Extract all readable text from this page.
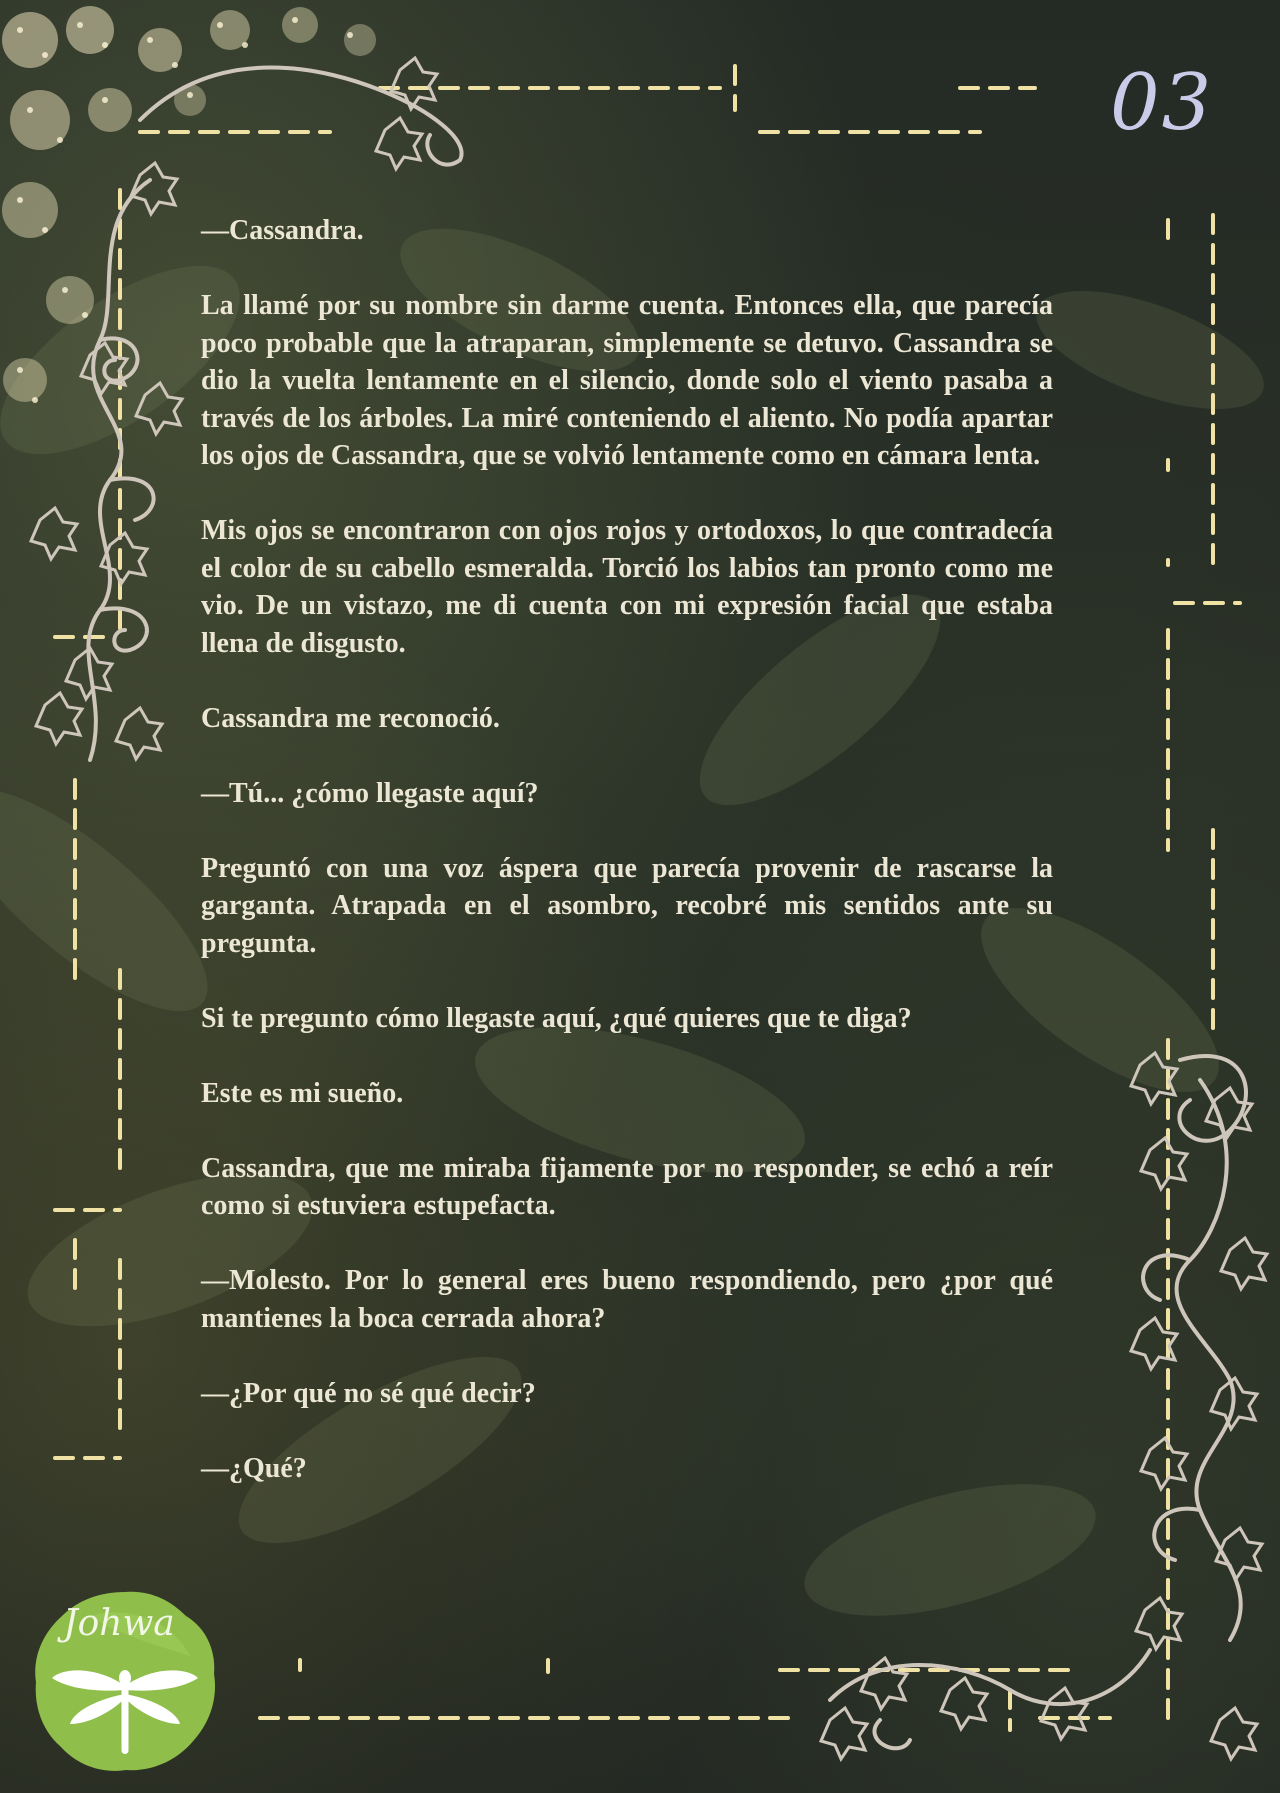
03

—Cassandra.

La llamé por su nombre sin darme cuenta. Entonces ella, que parecía poco probable que la atraparan, simplemente se detuvo. Cassandra se dio la vuelta lentamente en el silencio, donde solo el viento pasaba a través de los árboles. La miré conteniendo el aliento. No podía apartar los ojos de Cassandra, que se volvió lentamente como en cámara lenta.

Mis ojos se encontraron con ojos rojos y ortodoxos, lo que contradecía el color de su cabello esmeralda. Torció los labios tan pronto como me vio. De un vistazo, me di cuenta con mi expresión facial que estaba llena de disgusto.

Cassandra me reconoció.

—Tú... ¿cómo llegaste aquí?

Preguntó con una voz áspera que parecía provenir de rascarse la garganta. Atrapada en el asombro, recobré mis sentidos ante su pregunta.

Si te pregunto cómo llegaste aquí, ¿qué quieres que te diga?

Este es mi sueño.

Cassandra, que me miraba fijamente por no responder, se echó a reír como si estuviera estupefacta.

—Molesto. Por lo general eres bueno respondiendo, pero ¿por qué mantienes la boca cerrada ahora?

—¿Por qué no sé qué decir?

—¿Qué?

Johwa
